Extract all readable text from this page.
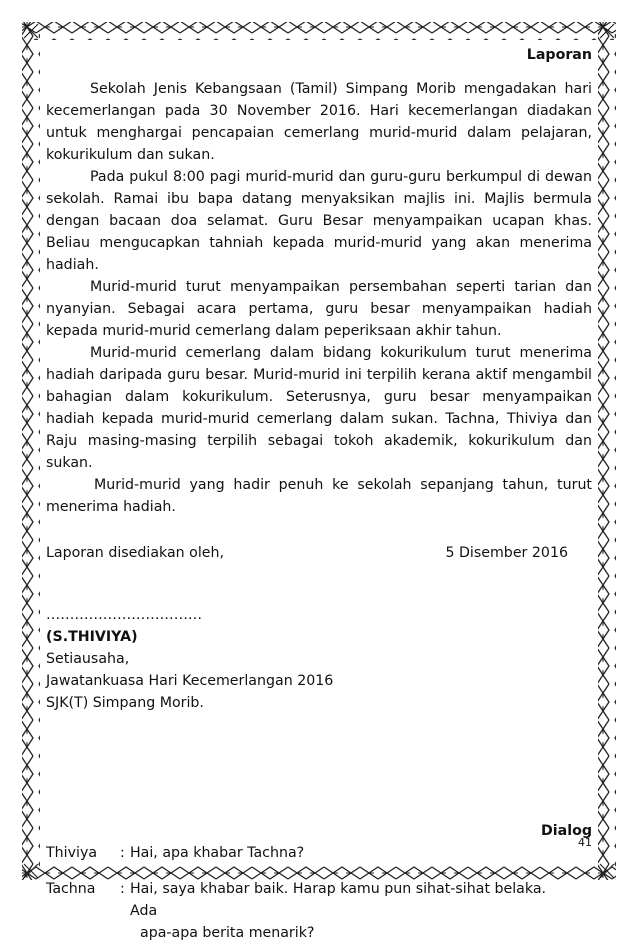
Laporan

Sekolah Jenis Kebangsaan (Tamil) Simpang Morib mengadakan hari kecemerlangan pada 30 November 2016. Hari kecemerlangan diadakan untuk menghargai pencapaian cemerlang murid-murid dalam pelajaran, kokurikulum dan sukan.

Pada pukul 8:00 pagi murid-murid dan guru-guru berkumpul di dewan sekolah. Ramai ibu bapa datang menyaksikan majlis ini. Majlis bermula dengan bacaan doa selamat. Guru Besar menyampaikan ucapan khas. Beliau mengucapkan tahniah kepada murid-murid yang akan menerima hadiah.

Murid-murid turut menyampaikan persembahan seperti tarian dan nyanyian. Sebagai acara pertama, guru besar menyampaikan hadiah kepada murid-murid cemerlang dalam peperiksaan akhir tahun.

Murid-murid cemerlang dalam bidang kokurikulum turut menerima hadiah daripada guru besar. Murid-murid ini terpilih kerana aktif mengambil bahagian dalam kokurikulum. Seterusnya, guru besar menyampaikan hadiah kepada murid-murid cemerlang dalam sukan. Tachna, Thiviya dan Raju masing-masing terpilih sebagai tokoh akademik, kokurikulum dan sukan.

Murid-murid yang hadir penuh ke sekolah sepanjang tahun, turut menerima hadiah.

Laporan disediakan oleh,	5 Disember 2016
……………………………
(S.THIVIYA)
Setiausaha,
Jawatankuasa Hari Kecemerlangan 2016
SJK(T) Simpang Morib.
Dialog
Thiviya	: Hai, apa khabar Tachna?
Tachna	: Hai, saya khabar baik. Harap kamu pun sihat-sihat belaka. Ada
apa-apa berita menarik?
41
